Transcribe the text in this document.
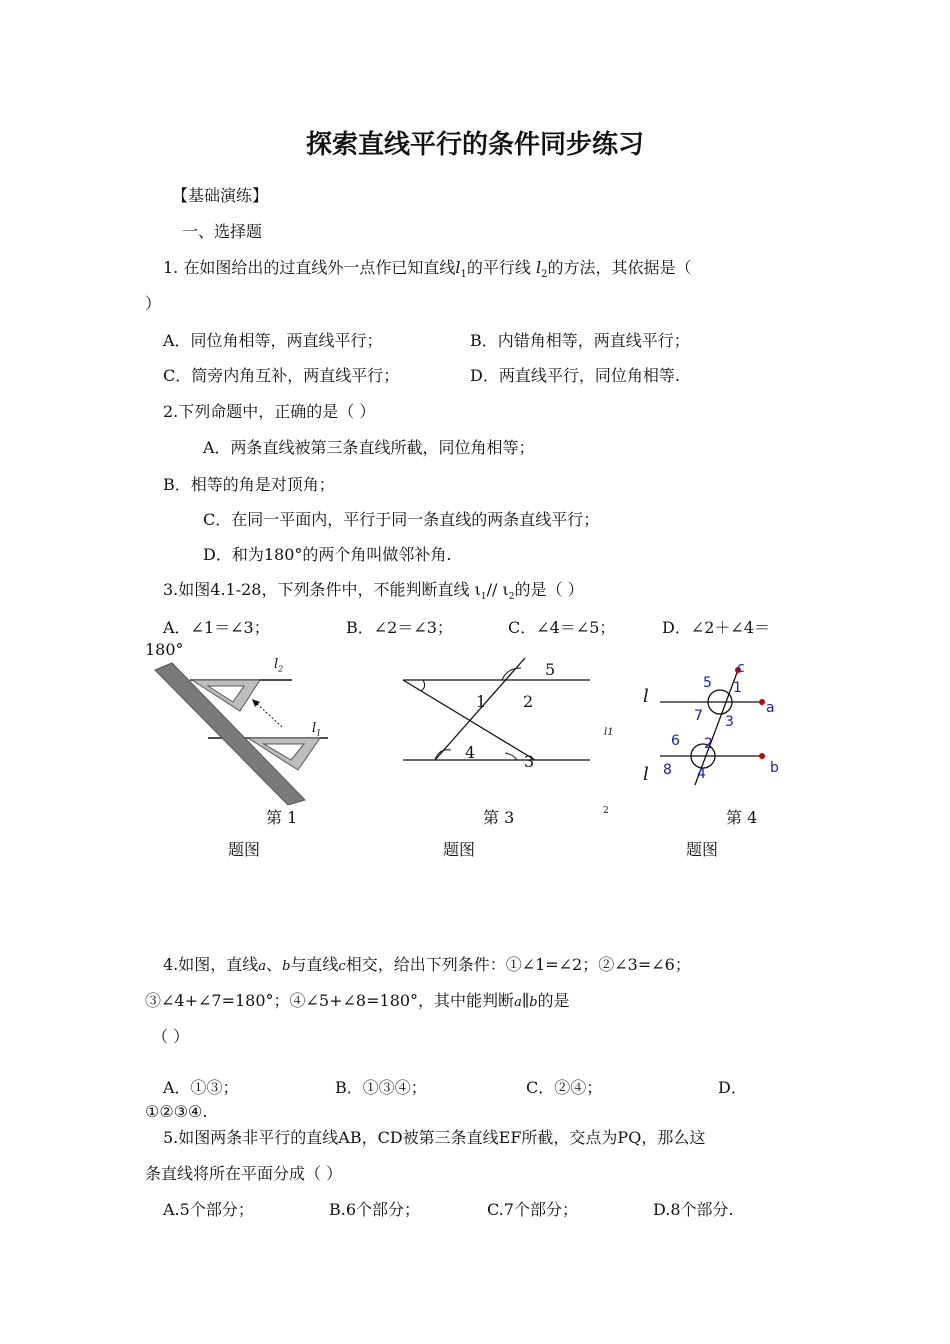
探索直线平行的条件同步练习
【基础演练】
一、选择题
1. 在如图给出的过直线外一点作已知直线$l_1$的平行线 $l_2$的方法，其依据是（
）
A．同位角相等，两直线平行；	B．内错角相等，两直线平行；
C．筒旁内角互补，两直线平行；	D．两直线平行，同位角相等.
2.下列命题中，正确的是（ ）
A．两条直线被第三条直线所截，同位角相等；
B．相等的角是对顶角；
C．在同一平面内，平行于同一条直线的两条直线平行；
D．和为180°的两个角叫做邻补角.
3.如图4.1-28，下列条件中，不能判断直线 $\iota_1//$ $\iota_2$的是（ ）
A．∠1＝∠3；	B．∠2＝∠3；	C．∠4＝∠5；	D．∠2＋∠4＝
180°
$l_2$
$l_1$
第 1
题图
5
1 2
4	3
l1
2
第 3
题图
c
a
b
5 1
7 3
6 2
8 4
l
l
第 4
题图
4.如图，直线a、b与直线c相交，给出下列条件：①∠1=∠2；②∠3=∠6；
③∠4+∠7=180°；④∠5+∠8=180°，其中能判断a∥b的是
（ ）
A．①③；	B．①③④；	C．②④；	D．
①②③④.
5.如图两条非平行的直线AB，CD被第三条直线EF所截，交点为PQ，那么这
条直线将所在平面分成（ ）
A.5个部分；	B.6个部分；	C.7个部分；	D.8个部分.
